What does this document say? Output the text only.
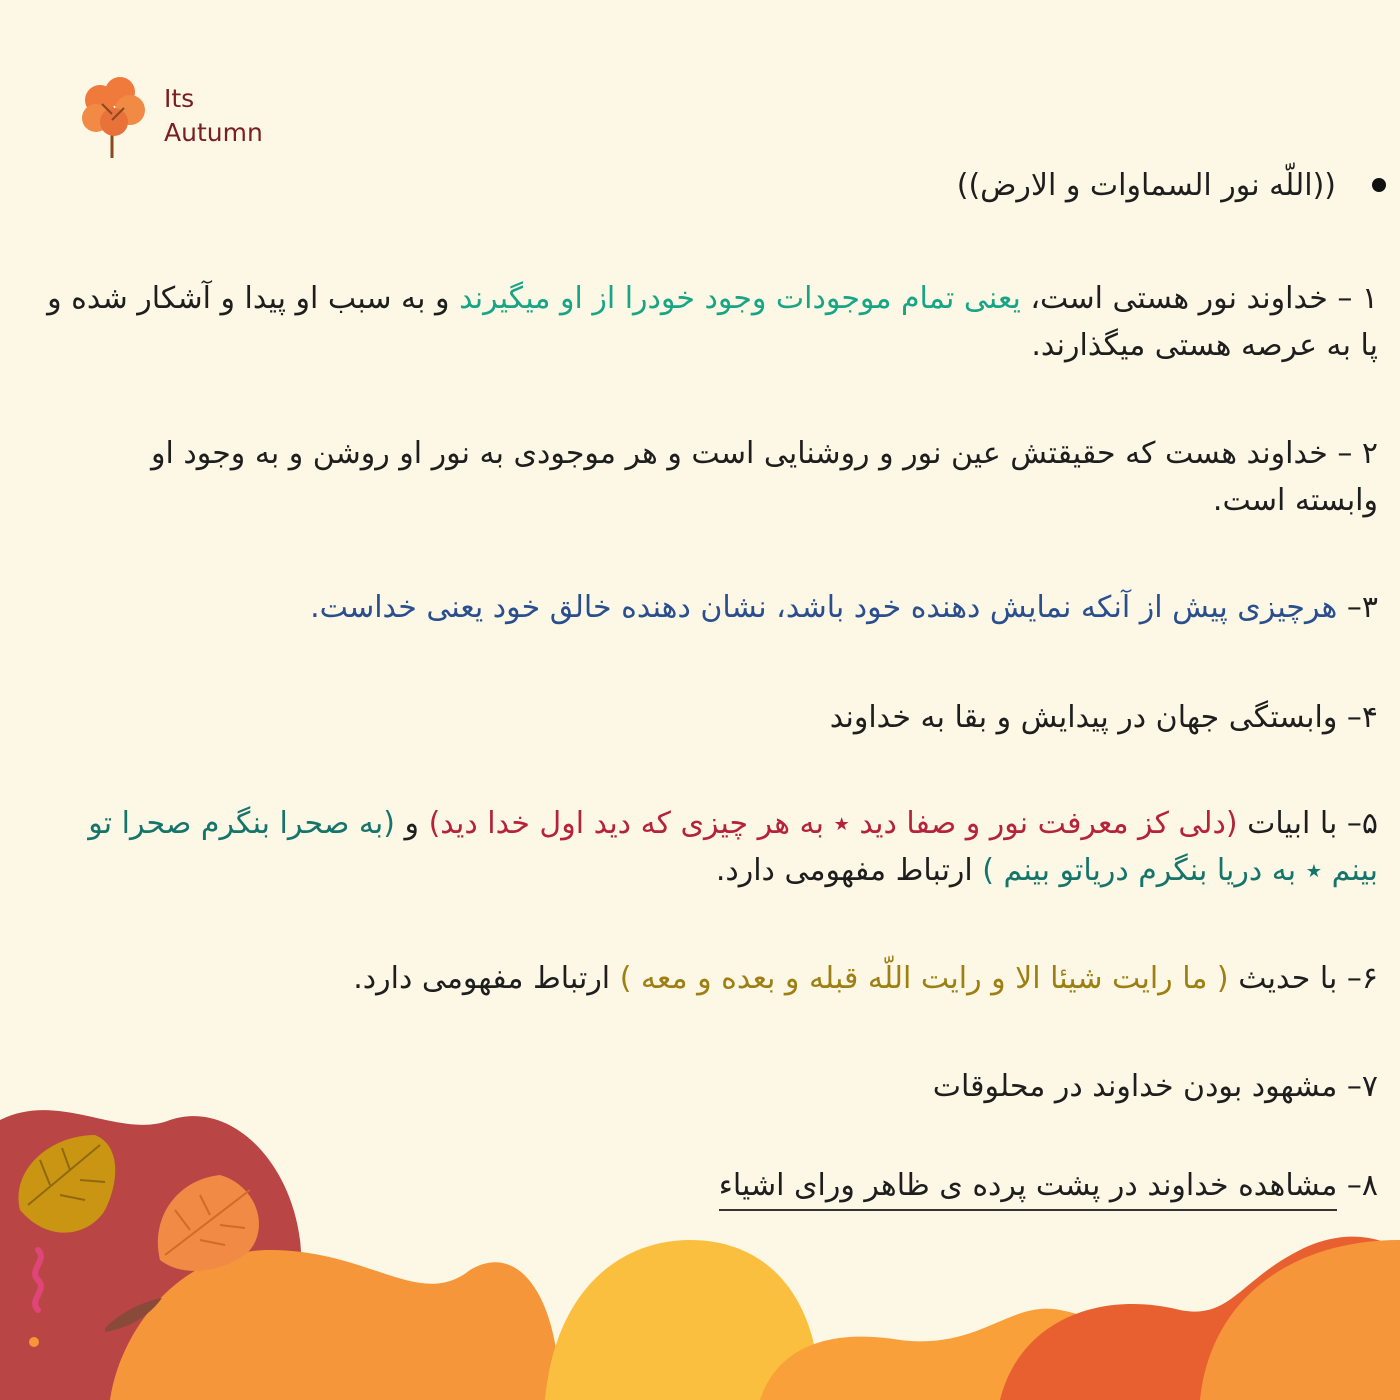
Its
Autumn
((اللّه نور السماوات و الارض))
۱ – خداوند نور هستی است، یعنی تمام موجودات وجود خودرا از او میگیرند و به سبب او پیدا و آشکار شده و پا به عرصه هستی میگذارند.
۲ – خداوند هست که حقیقتش عین نور و روشنایی است و هر موجودی به نور او روشن و به وجود او وابسته است.
۳– هرچیزی پیش از آنکه نمایش دهنده خود باشد، نشان دهنده خالق خود یعنی خداست.
۴– وابستگی جهان در پیدایش و بقا به خداوند
۵– با ابیات (دلی کز معرفت نور و صفا دید ٭ به هر چیزی که دید اول خدا دید) و (به صحرا بنگرم صحرا تو بینم ٭ به دریا بنگرم دریاتو بینم ) ارتباط مفهومی دارد.
۶– با حدیث ( ما رایت شیئا الا و رایت اللّه قبله و بعده و معه ) ارتباط مفهومی دارد.
۷– مشهود بودن خداوند در محلوقات
۸– مشاهده خداوند در پشت پرده ی ظاهر ورای اشیاء
